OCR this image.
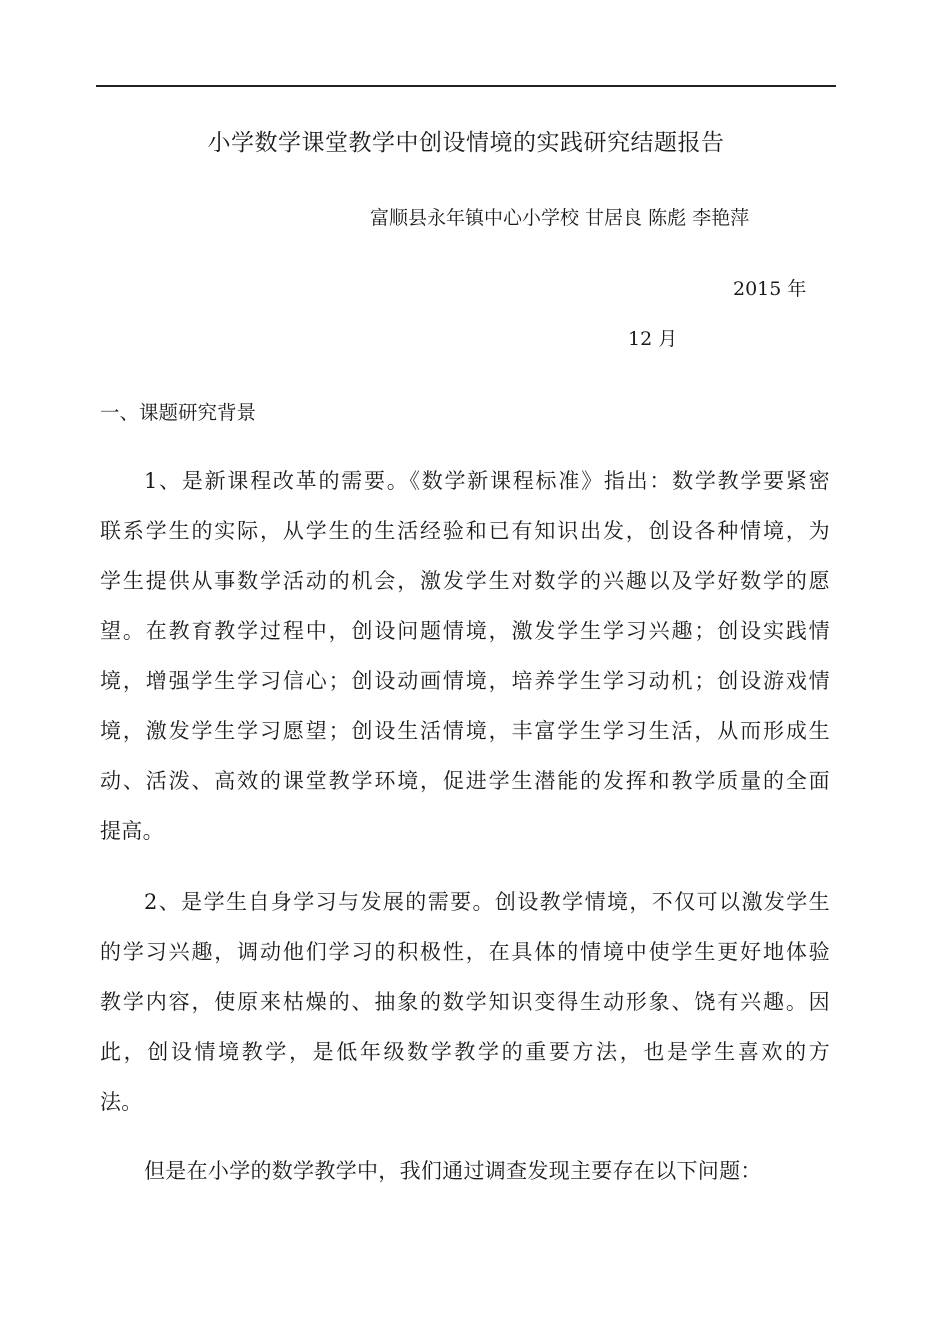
小学数学课堂教学中创设情境的实践研究结题报告
富顺县永年镇中心小学校 甘居良 陈彪 李艳萍
2015 年
12 月
一、课题研究背景
1、是新课程改革的需要。《数学新课程标准》指出：数学教学要紧密
联系学生的实际，从学生的生活经验和已有知识出发，创设各种情境，为
学生提供从事数学活动的机会，激发学生对数学的兴趣以及学好数学的愿
望。在教育教学过程中，创设问题情境，激发学生学习兴趣；创设实践情
境，增强学生学习信心；创设动画情境，培养学生学习动机；创设游戏情
境，激发学生学习愿望；创设生活情境，丰富学生学习生活，从而形成生
动、活泼、高效的课堂教学环境，促进学生潜能的发挥和教学质量的全面
提高。
2、是学生自身学习与发展的需要。创设教学情境，不仅可以激发学生
的学习兴趣，调动他们学习的积极性，在具体的情境中使学生更好地体验
教学内容，使原来枯燥的、抽象的数学知识变得生动形象、饶有兴趣。因
此，创设情境教学，是低年级数学教学的重要方法，也是学生喜欢的方
法。
但是在小学的数学教学中，我们通过调查发现主要存在以下问题：
